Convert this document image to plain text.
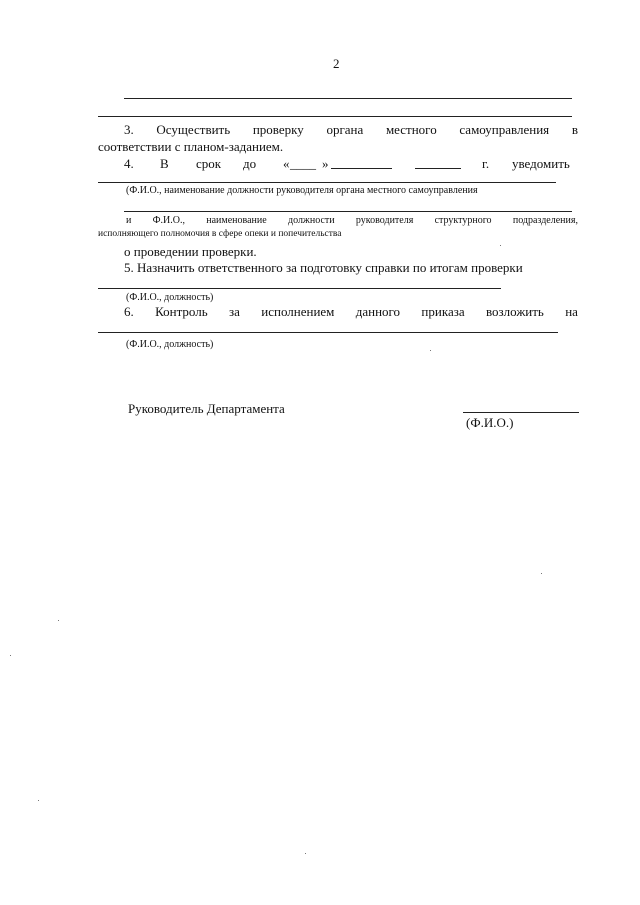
2
3. Осуществить проверку органа местного самоуправления в
соответствии с планом-заданием.
4. В срок до « ____ »	г. уведомить
(Ф.И.О., наименование должности руководителя органа местного самоуправления
и Ф.И.О., наименование должности руководителя структурного подразделения,
исполняющего полномочия в сфере опеки и попечительства
о проведении проверки.
5. Назначить ответственного за подготовку справки по итогам проверки
(Ф.И.О., должность)
6. Контроль за исполнением данного приказа возложить на
(Ф.И.О., должность)
Руководитель Департамента
(Ф.И.О.)
